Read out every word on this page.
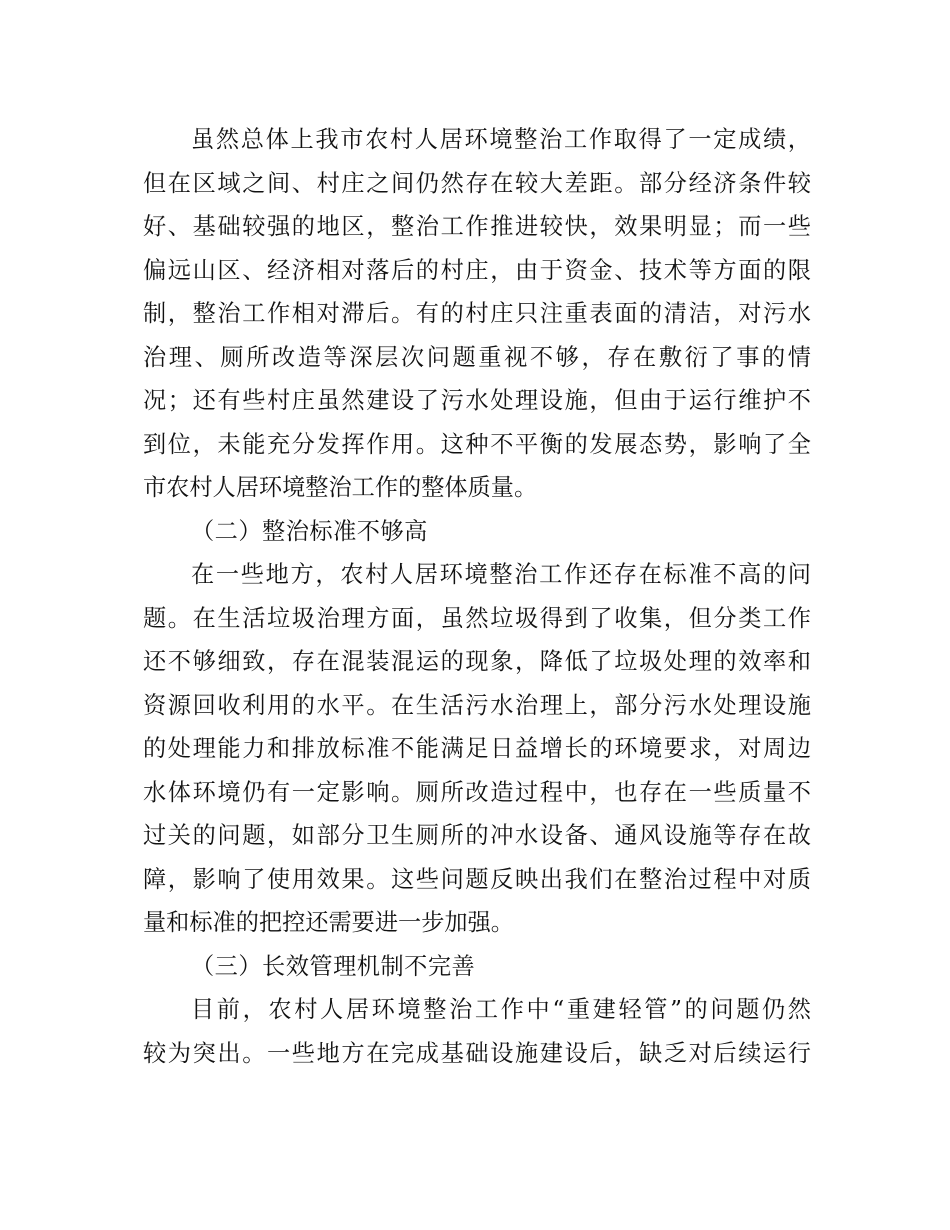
虽然总体上我市农村人居环境整治工作取得了一定成绩，
但在区域之间、村庄之间仍然存在较大差距。部分经济条件较
好、基础较强的地区，整治工作推进较快，效果明显；而一些
偏远山区、经济相对落后的村庄，由于资金、技术等方面的限
制，整治工作相对滞后。有的村庄只注重表面的清洁，对污水
治理、厕所改造等深层次问题重视不够，存在敷衍了事的情
况；还有些村庄虽然建设了污水处理设施，但由于运行维护不
到位，未能充分发挥作用。这种不平衡的发展态势，影响了全
市农村人居环境整治工作的整体质量。
（二）整治标准不够高
在一些地方，农村人居环境整治工作还存在标准不高的问
题。在生活垃圾治理方面，虽然垃圾得到了收集，但分类工作
还不够细致，存在混装混运的现象，降低了垃圾处理的效率和
资源回收利用的水平。在生活污水治理上，部分污水处理设施
的处理能力和排放标准不能满足日益增长的环境要求，对周边
水体环境仍有一定影响。厕所改造过程中，也存在一些质量不
过关的问题，如部分卫生厕所的冲水设备、通风设施等存在故
障，影响了使用效果。这些问题反映出我们在整治过程中对质
量和标准的把控还需要进一步加强。
（三）长效管理机制不完善
目前，农村人居环境整治工作中“重建轻管”的问题仍然
较为突出。一些地方在完成基础设施建设后，缺乏对后续运行
